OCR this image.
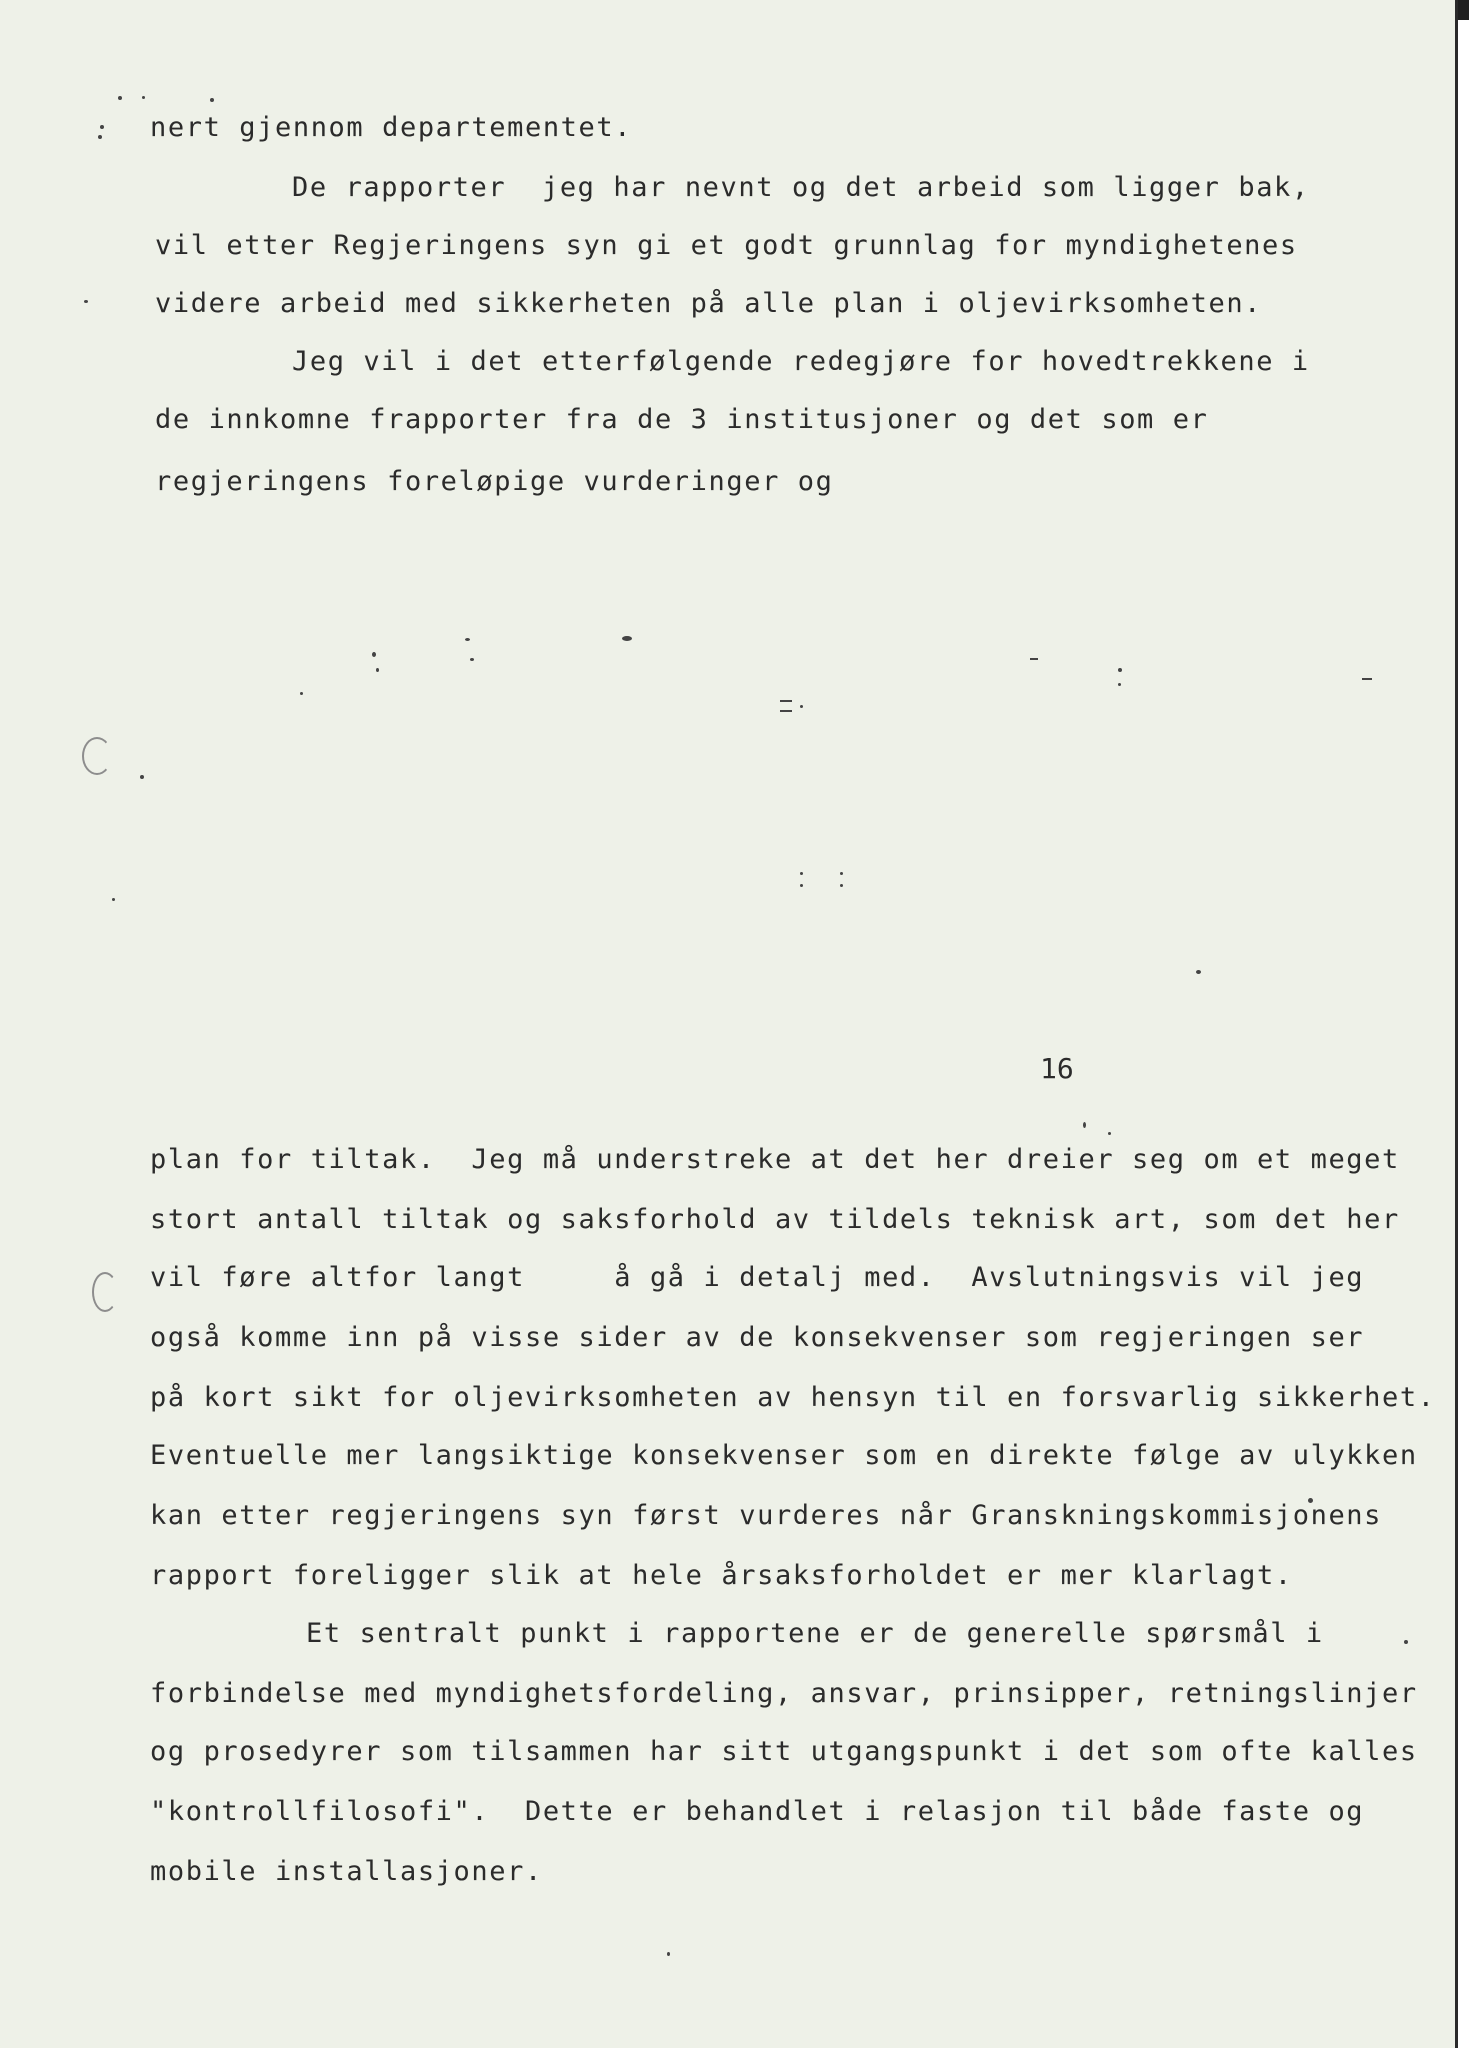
nert gjennom departementet.
De rapporter  jeg har nevnt og det arbeid som ligger bak,
vil etter Regjeringens syn gi et godt grunnlag for myndighetenes
videre arbeid med sikkerheten på alle plan i oljevirksomheten.
Jeg vil i det etterfølgende redegjøre for hovedtrekkene i
de innkomne frapporter fra de 3 institusjoner og det som er
regjeringens foreløpige vurderinger og
16
plan for tiltak.  Jeg må understreke at det her dreier seg om et meget
stort antall tiltak og saksforhold av tildels teknisk art, som det her
vil føre altfor langt     å gå i detalj med.  Avslutningsvis vil jeg
også komme inn på visse sider av de konsekvenser som regjeringen ser
på kort sikt for oljevirksomheten av hensyn til en forsvarlig sikkerhet.
Eventuelle mer langsiktige konsekvenser som en direkte følge av ulykken
kan etter regjeringens syn først vurderes når Granskningskommisjonens
rapport foreligger slik at hele årsaksforholdet er mer klarlagt.
Et sentralt punkt i rapportene er de generelle spørsmål i
forbindelse med myndighetsfordeling, ansvar, prinsipper, retningslinjer
og prosedyrer som tilsammen har sitt utgangspunkt i det som ofte kalles
"kontrollfilosofi".  Dette er behandlet i relasjon til både faste og
mobile installasjoner.
